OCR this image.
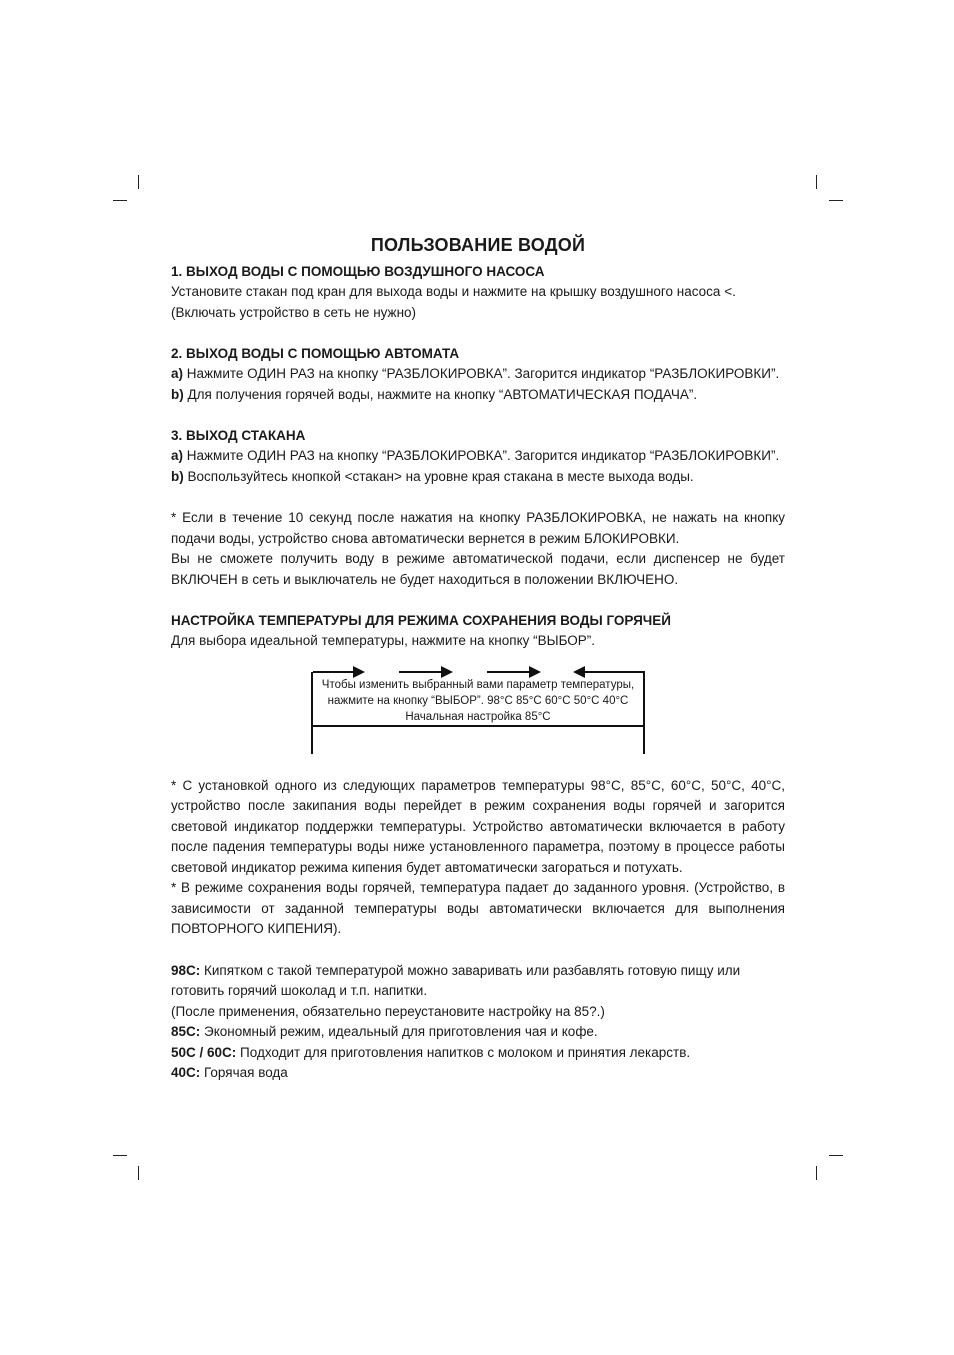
ПОЛЬЗОВАНИЕ ВОДОЙ

1. ВЫХОД ВОДЫ С ПОМОЩЬЮ ВОЗДУШНОГО НАСОСА

Установите стакан под кран для выхода воды и нажмите на крышку воздушного насоса <.

(Включать устройство в сеть не нужно)

2. ВЫХОД ВОДЫ С ПОМОЩЬЮ АВТОМАТА

a) Нажмите ОДИН РАЗ на кнопку “РАЗБЛОКИРОВКА”. Загорится индикатор “РАЗБЛОКИРОВКИ”.

b) Для получения горячей воды, нажмите на кнопку “АВТОМАТИЧЕСКАЯ ПОДАЧА”.

3. ВЫХОД СТАКАНА

a) Нажмите ОДИН РАЗ на кнопку “РАЗБЛОКИРОВКА”. Загорится индикатор “РАЗБЛОКИРОВКИ”.

b) Воспользуйтесь кнопкой <стакан> на уровне края стакана в месте выхода воды.

* Если в течение 10 секунд после нажатия на кнопку РАЗБЛОКИРОВКА, не нажать на кнопку подачи воды, устройство снова автоматически вернется в режим БЛОКИРОВКИ.

Вы не сможете получить воду в режиме автоматической подачи, если диспенсер не будет ВКЛЮЧЕН в сеть и выключатель не будет находиться в положении ВКЛЮЧЕНО.

НАСТРОЙКА ТЕМПЕРАТУРЫ ДЛЯ РЕЖИМА СОХРАНЕНИЯ ВОДЫ ГОРЯЧЕЙ

Для выбора идеальной температуры, нажмите на кнопку “ВЫБОР”.

Чтобы изменить выбранный вами параметр температуры,
нажмите на кнопку “ВЫБОР”. 98°C 85°C 60°C 50°C 40°C
Начальная настройка 85°C

* С установкой одного из следующих параметров температуры 98°C, 85°C, 60°C, 50°C, 40°C, устройство после закипания воды перейдет в режим сохранения воды горячей и загорится световой индикатор поддержки температуры. Устройство автоматически включается в работу после падения температуры воды ниже установленного параметра, поэтому в процессе работы световой индикатор режима кипения будет автоматически загораться и потухать.

* В режиме сохранения воды горячей, температура падает до заданного уровня. (Устройство, в зависимости от заданной температуры воды автоматически включается для выполнения ПОВТОРНОГО КИПЕНИЯ).

98C: Кипятком с такой температурой можно заваривать или разбавлять готовую пищу или готовить горячий шоколад и т.п. напитки.

(После применения, обязательно переустановите настройку на 85?.)

85C: Экономный режим, идеальный для приготовления чая и кофе.

50C / 60C: Подходит для приготовления напитков с молоком и принятия лекарств.

40C: Горячая вода
